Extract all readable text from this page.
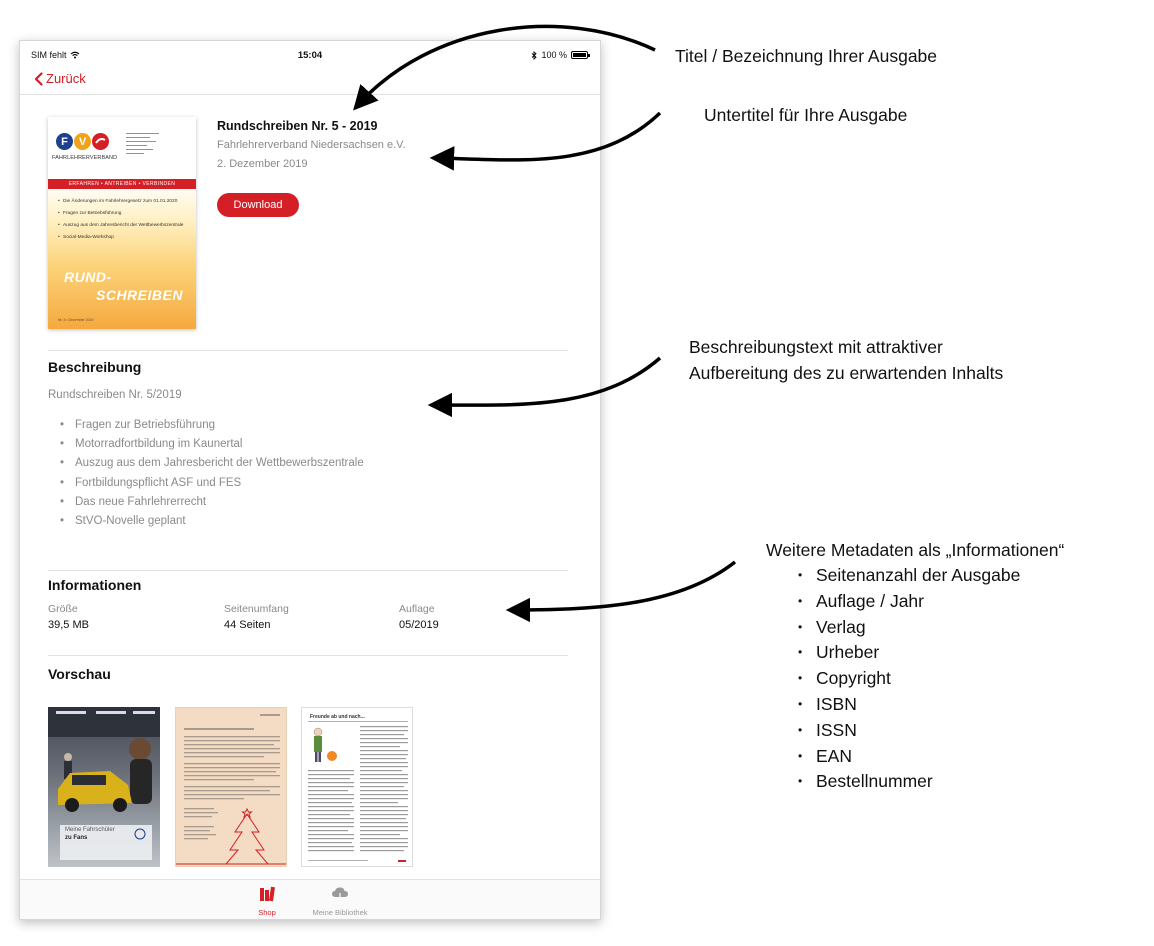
SIM fehlt	15:04	100 %
Zurück
F V
FAHRLEHRERVERBAND
▬▬▬▬▬▬▬▬▬▬▬
▬▬▬▬▬▬▬▬
▬▬▬▬▬▬▬▬▬▬
▬▬▬▬▬▬▬
▬▬▬▬▬▬▬▬▬
▬▬▬▬▬▬
ERFAHREN • ANTREIBEN • VERBINDEN
• Die Änderungen im Fahrlehrergesetz zum 01.01.2020
• Fragen zur Betriebsführung
• Auszug aus dem Jahresbericht der Wettbewerbszentrale
• Social-Media-Workshop
RUND-
SCHREIBEN
Nr. 5 • Dezember 2019
Rundschreiben Nr. 5 - 2019
Fahrlehrerverband Niedersachsen e.V.
2. Dezember 2019
Download
Beschreibung
Rundschreiben Nr. 5/2019
• Fragen zur Betriebsführung
• Motorradfortbildung im Kaunertal
• Auszug aus dem Jahresbericht der Wettbewerbszentrale
• Fortbildungspflicht ASF und FES
• Das neue Fahrlehrerrecht
• StVO-Novelle geplant
Informationen
Größe
39,5 MB
Seitenumfang
44 Seiten
Auflage
05/2019
Vorschau
Meine Fahrschüler
zu Fans
Freunde ab und nach...
Shop	Meine Bibliothek
Titel / Bezeichnung Ihrer Ausgabe
Untertitel für Ihre Ausgabe
Beschreibungstext mit attraktiver
Aufbereitung des zu erwartenden Inhalts
Weitere Metadaten als „Informationen“
• Seitenanzahl der Ausgabe
• Auflage / Jahr
• Verlag
• Urheber
• Copyright
• ISBN
• ISSN
• EAN
• Bestellnummer
